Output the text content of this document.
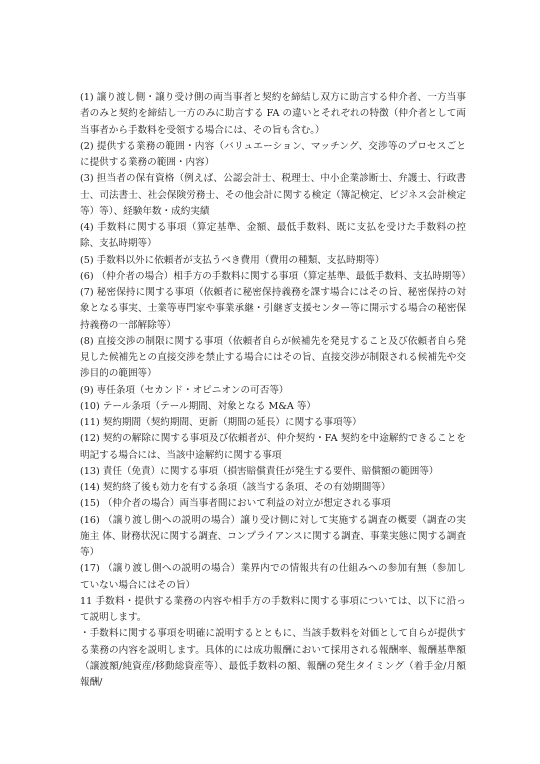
(1) 譲り渡し側・譲り受け側の両当事者と契約を締結し双方に助言する仲介者、一方当事者のみと契約を締結し一方のみに助言する FA の違いとそれぞれの特徴（仲介者として両当事者から手数料を受領する場合には、その旨も含む。）

(2) 提供する業務の範囲・内容（バリュエーション、マッチング、交渉等のプロセスごとに提供する業務の範囲・内容）

(3) 担当者の保有資格（例えば、公認会計士、税理士、中小企業診断士、弁護士、行政書士、司法書士、社会保険労務士、その他会計に関する検定（簿記検定、ビジネス会計検定等）等）、経験年数・成約実績

(4) 手数料に関する事項（算定基準、金額、最低手数料、既に支払を受けた手数料の控除、支払時期等）

(5) 手数料以外に依頼者が支払うべき費用（費用の種類、支払時期等）

(6) （仲介者の場合）相手方の手数料に関する事項（算定基準、最低手数料、支払時期等）

(7) 秘密保持に関する事項（依頼者に秘密保持義務を課す場合にはその旨、秘密保持の対象となる事実、士業等専門家や事業承継・引継ぎ支援センター等に開示する場合の秘密保持義務の一部解除等）

(8) 直接交渉の制限に関する事項（依頼者自らが候補先を発見すること及び依頼者自ら発見した候補先との直接交渉を禁止する場合にはその旨、直接交渉が制限される候補先や交渉目的の範囲等）

(9) 専任条項（セカンド・オピニオンの可否等）

(10) テール条項（テール期間、対象となる M&A 等）

(11) 契約期間（契約期間、更新（期間の延長）に関する事項等）

(12) 契約の解除に関する事項及び依頼者が、仲介契約・FA 契約を中途解約できることを明記する場合には、当該中途解約に関する事項

(13) 責任（免責）に関する事項（損害賠償責任が発生する要件、賠償額の範囲等）

(14) 契約終了後も効力を有する条項（該当する条項、その有効期間等）

(15) （仲介者の場合）両当事者間において利益の対立が想定される事項

(16) （譲り渡し側への説明の場合）譲り受け側に対して実施する調査の概要（調査の実施主 体、財務状況に関する調査、コンプライアンスに関する調査、事業実態に関する調査等）

(17) （譲り渡し側への説明の場合）業界内での情報共有の仕組みへの参加有無（参加していない場合にはその旨）

11 手数料・提供する業務の内容や相手方の手数料に関する事項については、以下に沿って説明します。

・手数料に関する事項を明確に説明するとともに、当該手数料を対価として自らが提供する業務の内容を説明します。具体的には成功報酬において採用される報酬率、報酬基準額（譲渡額/純資産/移動総資産等）、最低手数料の額、報酬の発生タイミング（着手金/月額報酬/
